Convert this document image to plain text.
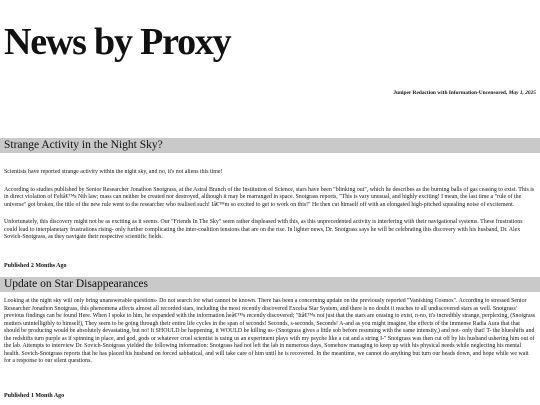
News by Proxy
Juniper Redaction with Information-Uncensored, May 1, 2025
Strange Activity in the Night Sky?

Scientists have reported strange activity within the night sky, and no, it's not aliens this time!

According to studies published by Senior Researcher Jonathon Snotgrass, at the Astral Branch of the Institution of Science, stars have been "blinking out", which he describes as the burning balls of gas ceasing to exist. This is in direct violation of Feltâ€™s Nth law; mass can neither be created nor destroyed, although it may be rearranged in space. Snotgrass reports, "This is vary unusual, and highly exciting! I mean, the last time a "rule of the universe" got broken, the title of the new rule went to the researcher who realised such! Iâ€™m so excited to get to work on this!" He then cut himself off with an elongated high-pitched squealing noise of excitement.

Unfortunately, this discovery might not be as exciting as it seems. Our "Friends In The Sky" seem rather displeased with this, as this unprecedented activity is interfering with their navigational systems. These frustrations could lead to interplanetary frustrations rising- only further complicating the inter-coalition tensions that are on the rise. In lighter news, Dr. Snotgrass says he will be celebrating this discovery with his husband, Dr. Alex Sovich-Snotgrass, as they navigate their respective scientific fields.

Published 2 Months Ago
Update on Star Disappearances

Looking at the night sky will only bring unanswerable questions- Do not search for what cannot be known. There has been a concerning update on the previously reported "Vanishing Cosmos". According to stressed Senior Researcher Jonathon Snotgrass, this phenomena affects almost all recorded stars, including the most recently discovered Excelsa Star System, and there is no doubt it reaches to all undiscovered stars as well. Snotgrass' previous findings can be found Here. When I spoke to him, he expanded with the information heâ€™s recently discovered; "Itâ€™s not just that the stars are ceasing to exist, n-no, it's incredibly strange, perplexing, (Snotgrass mutters unintelligibly to himself), They seem to be going through their entire life cycles in the span of seconds! Seconds, s-seconds, Seconds! A-and as you might imagine, the effects of the immense Radia Aura that that should be producing would be absolutely devastating, but no! It SHOULD be happening, it WOULD be killing us- (Snotgrass gives a little sob before resuming with the same intensity,) and not- only that! T- the blueshifts and the redshifts turn purple as if spinning in place, and god, gods or whatever cruel scientist is using us an experiment plays with my psyche like a cat and a string I-" Snotgrass was then cut off by his husband ushering him out of the lab. Attempts to interview Dr. Sovich-Snotgrass yielded the following information: Snotgrass had not left the lab in numerous days, Somehow managing to keep up with his physical needs while neglecting his mental health. Sovich-Snotgrass reports that he has placed his husband on forced sabbatical, and will take care of him until he is recovered. In the meantime, we cannot do anything but turn our heads down, and hope while we wait for a response to our silent questions.

Published 1 Month Ago
